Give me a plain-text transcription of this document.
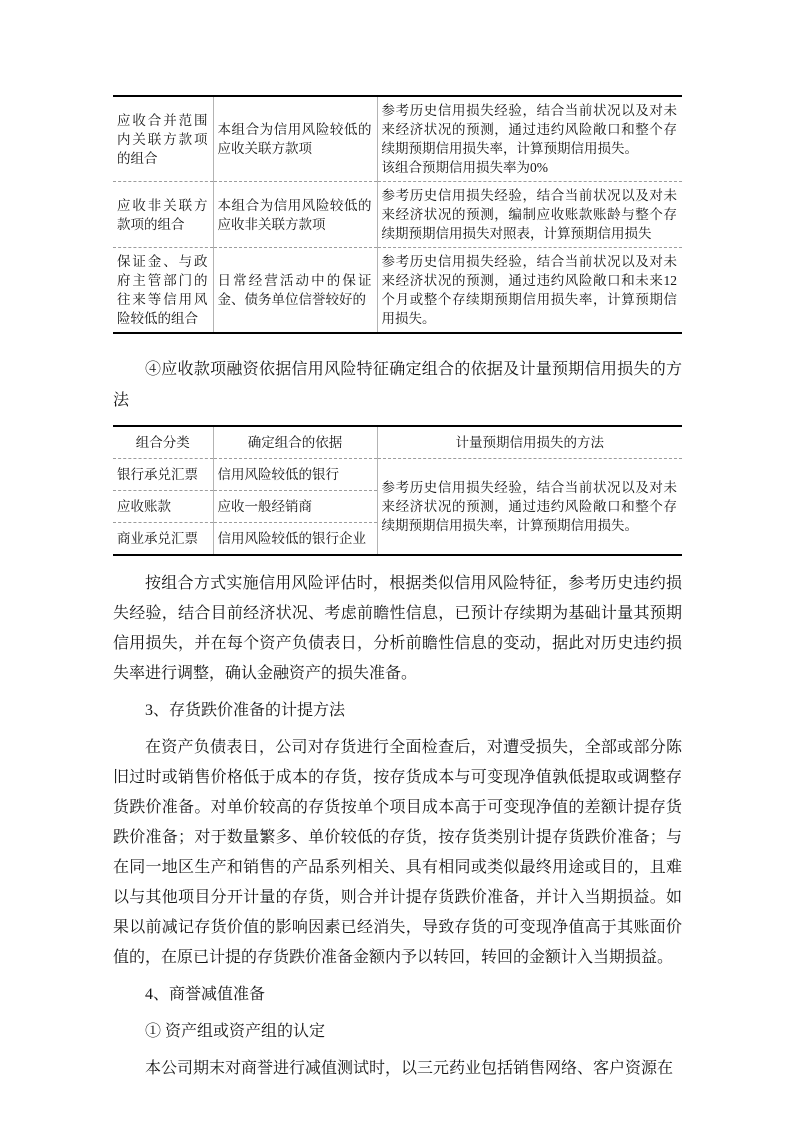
应收合并范围内关联方款项的组合	本组合为信用风险较低的应收关联方款项	参考历史信用损失经验，结合当前状况以及对未来经济状况的预测，通过违约风险敞口和整个存续期预期信用损失率，计算预期信用损失。
该组合预期信用损失率为0%

应收非关联方款项的组合	本组合为信用风险较低的应收非关联方款项	参考历史信用损失经验，结合当前状况以及对未来经济状况的预测，编制应收账款账龄与整个存续期预期信用损失对照表，计算预期信用损失
保证金、与政府主管部门的往来等信用风险较低的组合	日常经营活动中的保证金、债务单位信誉较好的	参考历史信用损失经验，结合当前状况以及对未来经济状况的预测，通过违约风险敞口和未来12个月或整个存续期预期信用损失率，计算预期信用损失。

④应收款项融资依据信用风险特征确定组合的依据及计量预期信用损失的方法

组合分类	确定组合的依据	计量预期信用损失的方法
银行承兑汇票	信用风险较低的银行	参考历史信用损失经验，结合当前状况以及对未来经济状况的预测，通过违约风险敞口和整个存续期预期信用损失率，计算预期信用损失。
应收账款	应收一般经销商	
商业承兑汇票	信用风险较低的银行企业	

按组合方式实施信用风险评估时，根据类似信用风险特征，参考历史违约损失经验，结合目前经济状况、考虑前瞻性信息，已预计存续期为基础计量其预期信用损失，并在每个资产负债表日，分析前瞻性信息的变动，据此对历史违约损失率进行调整，确认金融资产的损失准备。

3、存货跌价准备的计提方法

在资产负债表日，公司对存货进行全面检查后，对遭受损失，全部或部分陈旧过时或销售价格低于成本的存货，按存货成本与可变现净值孰低提取或调整存货跌价准备。对单价较高的存货按单个项目成本高于可变现净值的差额计提存货跌价准备；对于数量繁多、单价较低的存货，按存货类别计提存货跌价准备；与在同一地区生产和销售的产品系列相关、具有相同或类似最终用途或目的，且难以与其他项目分开计量的存货，则合并计提存货跌价准备，并计入当期损益。如果以前减记存货价值的影响因素已经消失，导致存货的可变现净值高于其账面价值的，在原已计提的存货跌价准备金额内予以转回，转回的金额计入当期损益。

4、商誉减值准备

① 资产组或资产组的认定

本公司期末对商誉进行减值测试时，以三元药业包括销售网络、客户资源在
